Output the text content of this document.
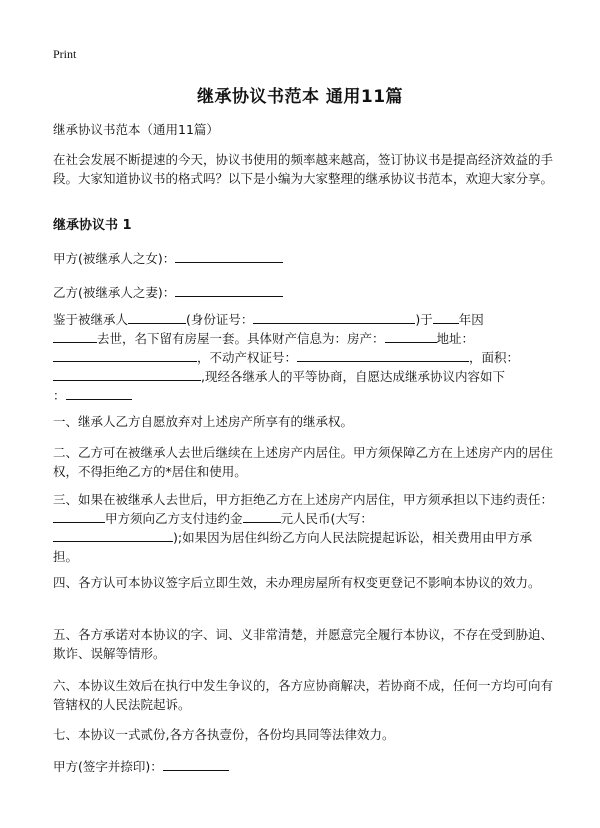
Print
继承协议书范本 通用11篇

继承协议书范本（通用11篇）

在社会发展不断提速的今天，协议书使用的频率越来越高，签订协议书是提高经济效益的手段。大家知道协议书的格式吗？以下是小编为大家整理的继承协议书范本，欢迎大家分享。

继承协议书 1

甲方(被继承人之女)：

乙方(被继承人之妻)：

鉴于被继承人	(身份证号：	)于 年因
去世，名下留有房屋一套。具体财产信息为：房产：	地址：
，不动产权证号：	，面积：
,现经各继承人的平等协商，自愿达成继承协议内容如下
：

一、继承人乙方自愿放弃对上述房产所享有的继承权。

二、乙方可在被继承人去世后继续在上述房产内居住。甲方须保障乙方在上述房产内的居住权，不得拒绝乙方的*居住和使用。

三、如果在被继承人去世后，甲方拒绝乙方在上述房产内居住，甲方须承担以下违约责任：甲方须向乙方支付违约金	元人民币(大写：
);如果因为居住纠纷乙方向人民法院提起诉讼，相关费用由甲方承担。

四、各方认可本协议签字后立即生效，未办理房屋所有权变更登记不影响本协议的效力。

五、各方承诺对本协议的字、词、义非常清楚，并愿意完全履行本协议，不存在受到胁迫、欺诈、误解等情形。

六、本协议生效后在执行中发生争议的，各方应协商解决，若协商不成，任何一方均可向有管辖权的人民法院起诉。

七、本协议一式贰份,各方各执壹份，各份均具同等法律效力。

甲方(签字并捺印)：
